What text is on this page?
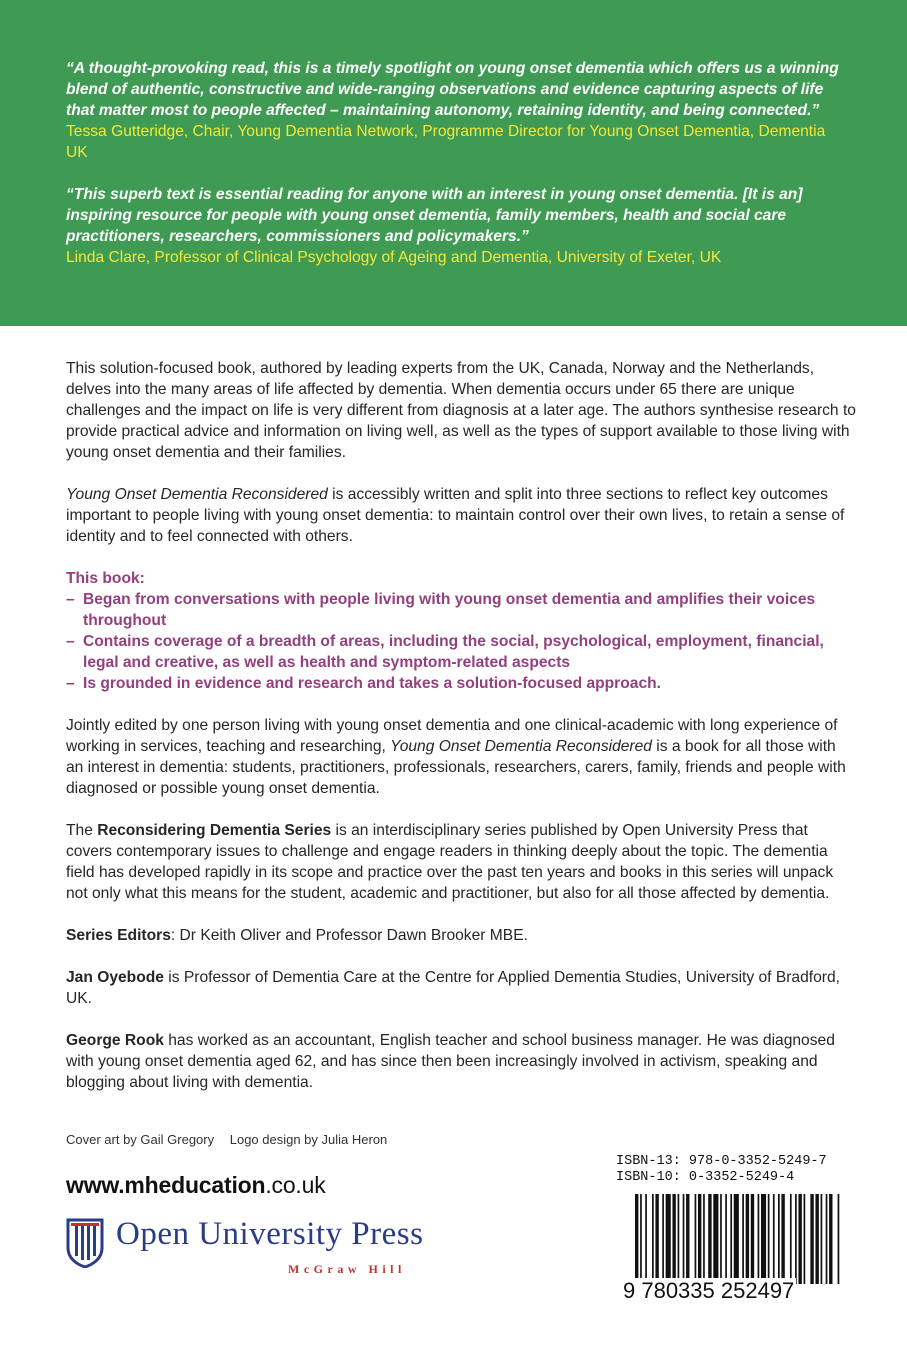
“A thought-provoking read, this is a timely spotlight on young onset dementia which offers us a winning blend of authentic, constructive and wide-ranging observations and evidence capturing aspects of life that matter most to people affected – maintaining autonomy, retaining identity, and being connected.”

Tessa Gutteridge, Chair, Young Dementia Network, Programme Director for Young Onset Dementia, Dementia UK

“This superb text is essential reading for anyone with an interest in young onset dementia. [It is an] inspiring resource for people with young onset dementia, family members, health and social care practitioners, researchers, commissioners and policymakers.”

Linda Clare, Professor of Clinical Psychology of Ageing and Dementia, University of Exeter, UK

This solution-focused book, authored by leading experts from the UK, Canada, Norway and the Netherlands, delves into the many areas of life affected by dementia. When dementia occurs under 65 there are unique challenges and the impact on life is very different from diagnosis at a later age. The authors synthesise research to provide practical advice and information on living well, as well as the types of support available to those living with young onset dementia and their families.

Young Onset Dementia Reconsidered is accessibly written and split into three sections to reflect key outcomes important to people living with young onset dementia: to maintain control over their own lives, to retain a sense of identity and to feel connected with others.

This book:

– Began from conversations with people living with young onset dementia and amplifies their voices throughout
– Contains coverage of a breadth of areas, including the social, psychological, employment, financial, legal and creative, as well as health and symptom-related aspects
– Is grounded in evidence and research and takes a solution-focused approach.

Jointly edited by one person living with young onset dementia and one clinical-academic with long experience of working in services, teaching and researching, Young Onset Dementia Reconsidered is a book for all those with an interest in dementia: students, practitioners, professionals, researchers, carers, family, friends and people with diagnosed or possible young onset dementia.

The Reconsidering Dementia Series is an interdisciplinary series published by Open University Press that covers contemporary issues to challenge and engage readers in thinking deeply about the topic. The dementia field has developed rapidly in its scope and practice over the past ten years and books in this series will unpack not only what this means for the student, academic and practitioner, but also for all those affected by dementia.

Series Editors: Dr Keith Oliver and Professor Dawn Brooker MBE.

Jan Oyebode is Professor of Dementia Care at the Centre for Applied Dementia Studies, University of Bradford, UK.

George Rook has worked as an accountant, English teacher and school business manager. He was diagnosed with young onset dementia aged 62, and has since then been increasingly involved in activism, speaking and blogging about living with dementia.

Cover art by Gail Gregory Logo design by Julia Heron
www.mheducation.co.uk
Open University Press
McGraw Hill
ISBN-13: 978-0-3352-5249-7
ISBN-10: 0-3352-5249-4
9 780335 252497
